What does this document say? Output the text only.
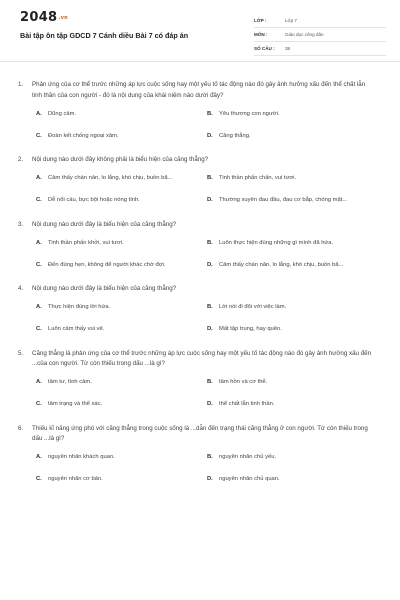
2048.vn
Bài tập ôn tập GDCD 7 Cánh diều Bài 7 có đáp án
LỚP :	Lớp 7
MÔN :	Giáo dục công dân
SỐ CÂU :	38
1.	Phản ứng của cơ thể trước những áp lực cuộc sống hay một yếu tố tác động nào đó gây ảnh hưởng xấu đến thể chất lẫn tinh thần của con người - đó là nội dung của khái niệm nào dưới đây?
A.	Dũng cảm.	B.	Yêu thương con người.
C.	Đoàn kết chống ngoại xâm.	D.	Căng thẳng.
2.	Nội dung nào dưới đây không phải là biểu hiện của căng thẳng?
A.	Cảm thấy chán nản, lo lắng, khó chịu, buồn bã...	B.	Tinh thần phấn chấn, vui tươi.
C.	Dễ nổi cáu, bực bội hoặc nóng tính.	D.	Thường xuyên đau đầu, đau cơ bắp, chóng mặt...
3.	Nội dung nào dưới đây là biểu hiện của căng thẳng?
A.	Tinh thần phấn khởi, vui tươi.	B.	Luôn thực hiện đúng những gì mình đã hứa.
C.	Đến đúng hẹn, không để người khác chờ đợi.	D.	Cảm thấy chán nản, lo lắng, khó chịu, buồn bã...
4.	Nội dung nào dưới đây là biểu hiện của căng thẳng?
A.	Thực hiện đúng lời hứa.	B.	Lời nói đi đôi với việc làm.
C.	Luôn cảm thấy vui vẻ.	D.	Mất tập trung, hay quên.
5.	Căng thẳng là phản ứng của cơ thể trước những áp lực cuộc sống hay một yếu tố tác động nào đó gây ảnh hưởng xấu đến ...của con người. Từ còn thiếu trong dấu ...là gì?
A.	tâm tư, tình cảm.	B.	tâm hồn và cơ thể.
C.	tâm trạng và thể xác.	D.	thể chất lẫn tinh thần.
6.	Thiếu kĩ năng ứng phó với căng thẳng trong cuộc sống là ...dẫn đến trạng thái căng thẳng ở con người. Từ còn thiếu trong dấu ...là gì?
A.	nguyên nhân khách quan.	B.	nguyên nhân chủ yếu.
C.	nguyên nhân cơ bản.	D.	nguyên nhân chủ quan.
